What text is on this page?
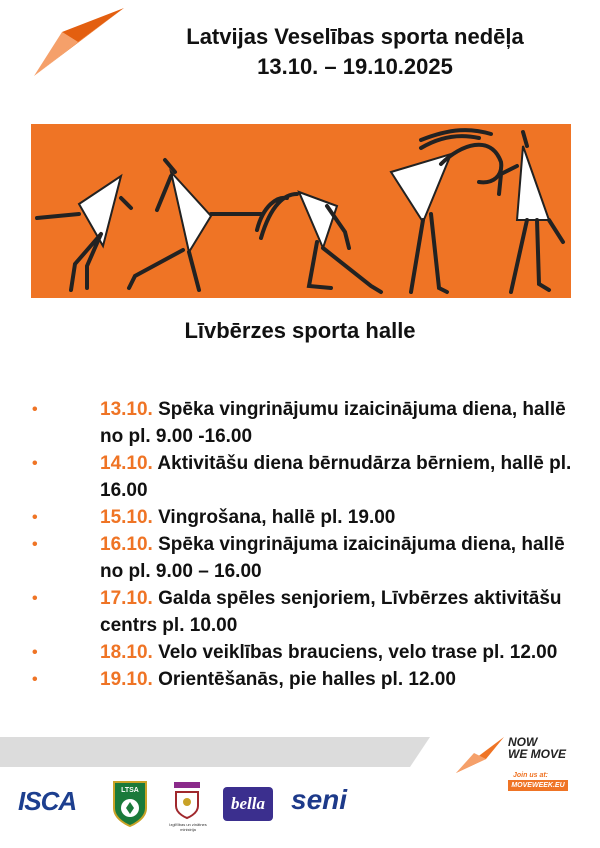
Latvijas Veselības sporta nedēļa
13.10. – 19.10.2025
Līvbērzes sporta halle
•	13.10. Spēka vingrinājumu izaicinājuma diena, hallē no pl. 9.00 -16.00
•	14.10. Aktivitāšu diena bērnudārza bērniem, hallē pl. 16.00
•	15.10. Vingrošana, hallē pl. 19.00
•	16.10. Spēka vingrinājuma izaicinājuma diena, hallē no pl. 9.00 – 16.00
•	17.10. Galda spēles senjoriem, Līvbērzes aktivitāšu centrs pl. 10.00
•	18.10. Velo veiklības brauciens, velo trase pl. 12.00
•	19.10. Orientēšanās, pie halles pl. 12.00
NOW
WE MOVE
Join us at:
MOVEWEEK.EU
ISCA	LTSA
Izglītības un zinātnes ministrija
bella seni
